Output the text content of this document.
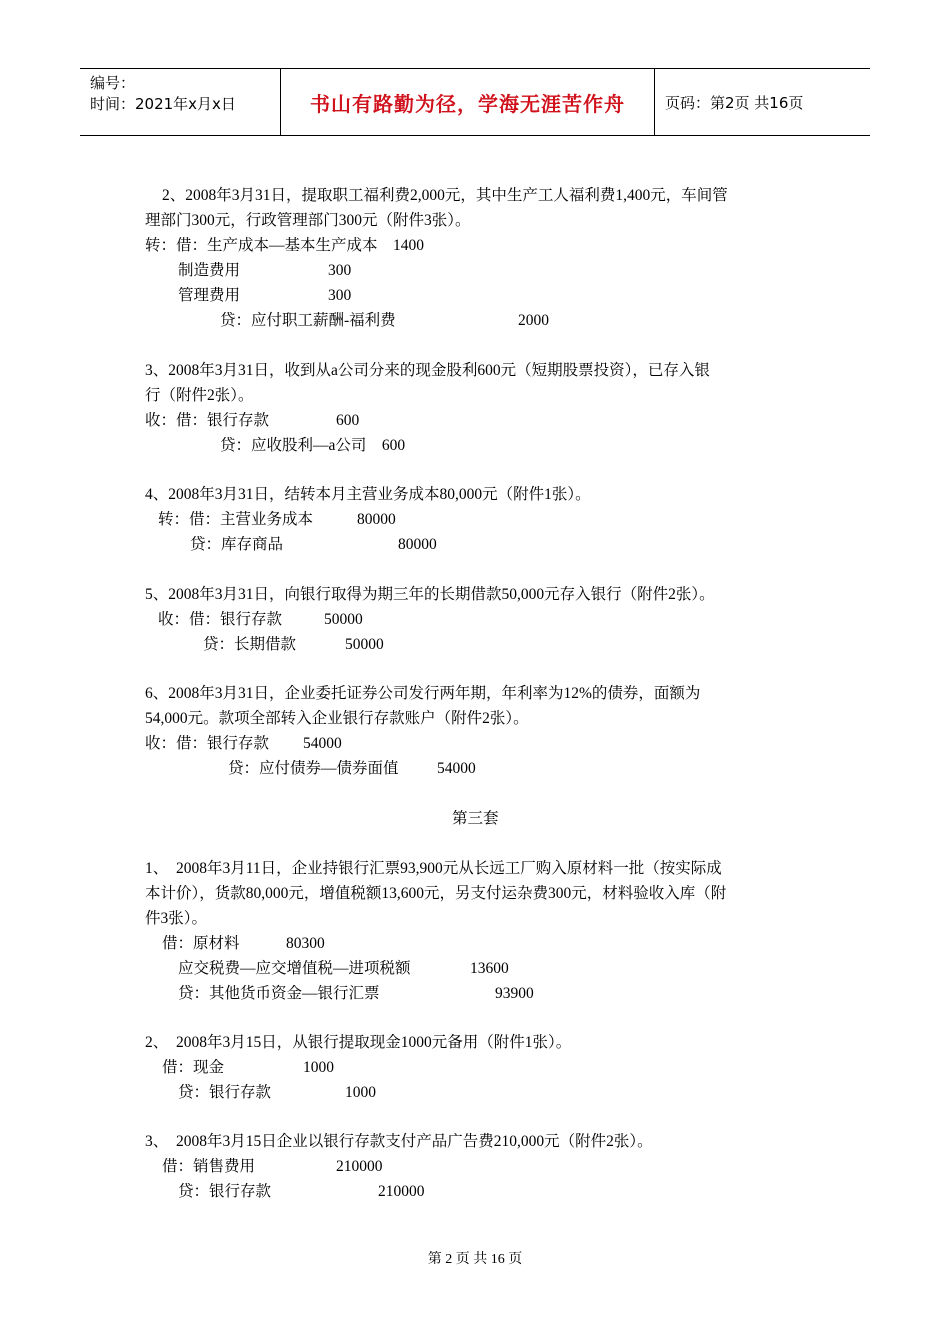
编号：
时间：2021年x月x日	书山有路勤为径，学海无涯苦作舟	页码：第2页 共16页
2、2008年3月31日，提取职工福利费2,000元，其中生产工人福利费1,400元，车间管
理部门300元，行政管理部门300元（附件3张）。
转：借：生产成本—基本生产成本    1400
制造费用	300
管理费用	300
贷：应付职工薪酬-福利费	2000
3、2008年3月31日，收到从a公司分来的现金股利600元（短期股票投资），已存入银
行（附件2张）。
收：借：银行存款	600
贷：应收股利—a公司    600
4、2008年3月31日，结转本月主营业务成本80,000元（附件1张）。
转：借：主营业务成本	80000
贷：库存商品	80000
5、2008年3月31日，向银行取得为期三年的长期借款50,000元存入银行（附件2张）。
收：借：银行存款	50000
贷：长期借款	50000
6、2008年3月31日，企业委托证券公司发行两年期，年利率为12%的债券，面额为
54,000元。款项全部转入企业银行存款账户（附件2张）。
收：借：银行存款 54000
贷：应付债券—债券面值 54000
第三套
1、  2008年3月11日，企业持银行汇票93,900元从长远工厂购入原材料一批（按实际成
本计价），货款80,000元，增值税额13,600元，另支付运杂费300元，材料验收入库（附
件3张）。
借：原材料	80300
应交税费—应交增值税—进项税额	13600
贷：其他货币资金—银行汇票	93900
2、  2008年3月15日，从银行提取现金1000元备用（附件1张）。
借：现金	1000
贷：银行存款	1000
3、  2008年3月15日企业以银行存款支付产品广告费210,000元（附件2张）。
借：销售费用	210000
贷：银行存款	210000
第 2 页 共 16 页
